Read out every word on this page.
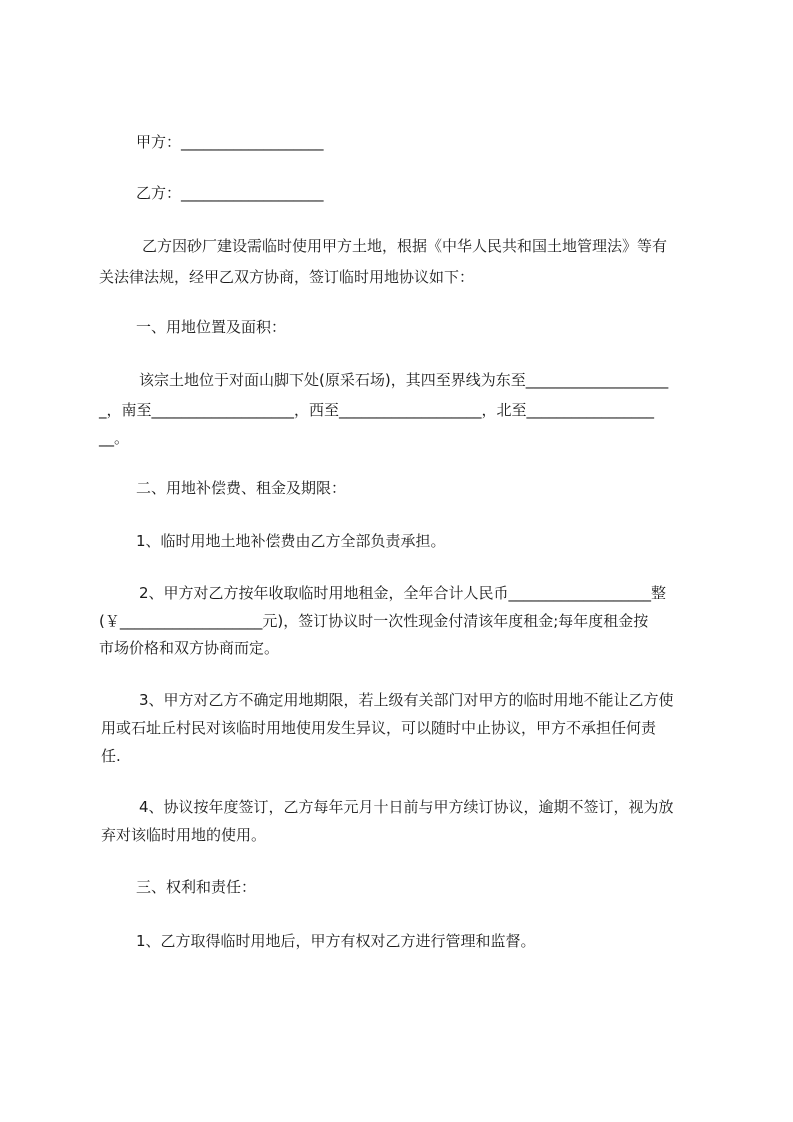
甲方：___________________
乙方：___________________
乙方因砂厂建设需临时使用甲方土地，根据《中华人民共和国土地管理法》等有
关法律法规，经甲乙双方协商，签订临时用地协议如下：
一、用地位置及面积：
该宗土地位于对面山脚下处(原采石场)，其四至界线为东至___________________
_，南至___________________，西至___________________，北至_________________
__。
二、用地补偿费、租金及期限：
1、临时用地土地补偿费由乙方全部负责承担。
2、甲方对乙方按年收取临时用地租金，全年合计人民币___________________整
(￥___________________元)，签订协议时一次性现金付清该年度租金;每年度租金按
市场价格和双方协商而定。
3、甲方对乙方不确定用地期限，若上级有关部门对甲方的临时用地不能让乙方使
用或石址丘村民对该临时用地使用发生异议，可以随时中止协议，甲方不承担任何责
任.
4、协议按年度签订，乙方每年元月十日前与甲方续订协议，逾期不签订，视为放
弃对该临时用地的使用。
三、权利和责任：
1、乙方取得临时用地后，甲方有权对乙方进行管理和监督。
